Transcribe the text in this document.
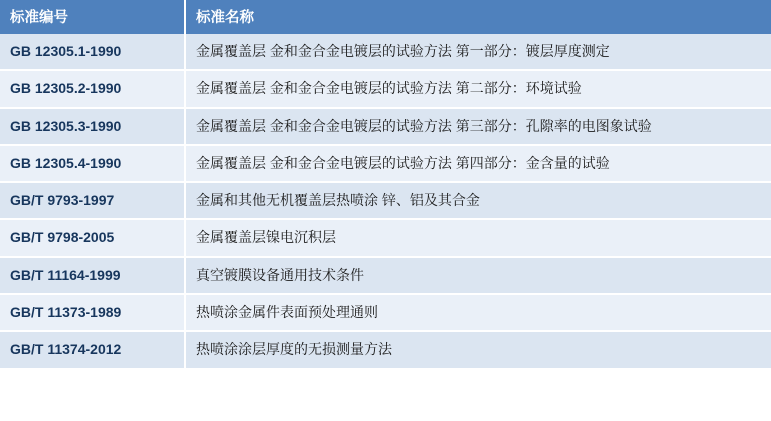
标准编号	标准名称
GB 12305.1-1990	金属覆盖层 金和金合金电镀层的试验方法 第一部分：镀层厚度测定
GB 12305.2-1990	金属覆盖层 金和金合金电镀层的试验方法 第二部分：环境试验
GB 12305.3-1990	金属覆盖层 金和金合金电镀层的试验方法 第三部分：孔隙率的电图象试验
GB 12305.4-1990	金属覆盖层 金和金合金电镀层的试验方法 第四部分：金含量的试验
GB/T 9793-1997	金属和其他无机覆盖层热喷涂 锌、铝及其合金
GB/T 9798-2005	金属覆盖层镍电沉积层
GB/T 11164-1999	真空镀膜设备通用技术条件
GB/T 11373-1989	热喷涂金属件表面预处理通则
GB/T 11374-2012	热喷涂涂层厚度的无损测量方法
